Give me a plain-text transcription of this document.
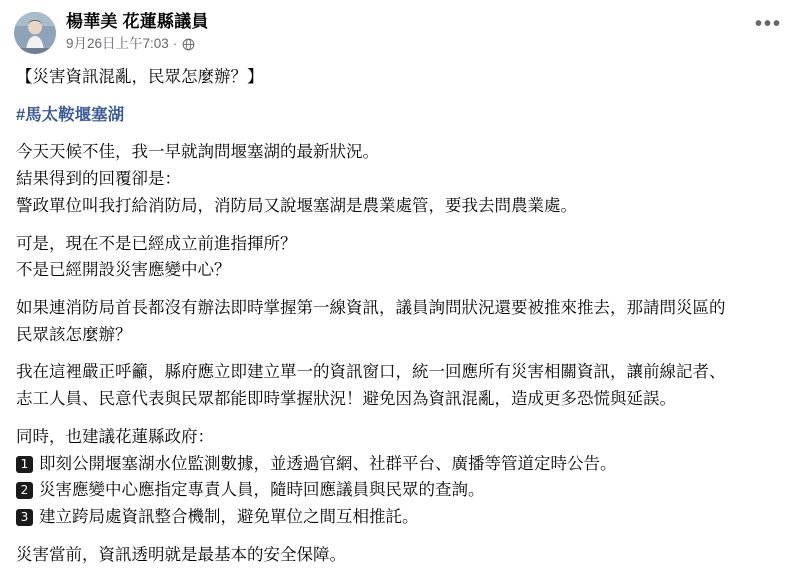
楊華美 花蓮縣議員
9月26日上午7:03 ·
•••

【災害資訊混亂，民眾怎麼辦？】

#馬太鞍堰塞湖

今天天候不佳，我一早就詢問堰塞湖的最新狀況。

結果得到的回覆卻是：

警政單位叫我打給消防局，消防局又說堰塞湖是農業處管，要我去問農業處。

可是，現在不是已經成立前進指揮所？

不是已經開設災害應變中心？

如果連消防局首長都沒有辦法即時掌握第一線資訊，議員詢問狀況還要被推來推去，那請問災區的

民眾該怎麼辦？

我在這裡嚴正呼籲，縣府應立即建立單一的資訊窗口，統一回應所有災害相關資訊，讓前線記者、

志工人員、民意代表與民眾都能即時掌握狀況！避免因為資訊混亂，造成更多恐慌與延誤。

同時，也建議花蓮縣政府：

1 即刻公開堰塞湖水位監測數據，並透過官網、社群平台、廣播等管道定時公告。
2 災害應變中心應指定專責人員，隨時回應議員與民眾的查詢。
3 建立跨局處資訊整合機制，避免單位之間互相推託。

災害當前，資訊透明就是最基本的安全保障。
